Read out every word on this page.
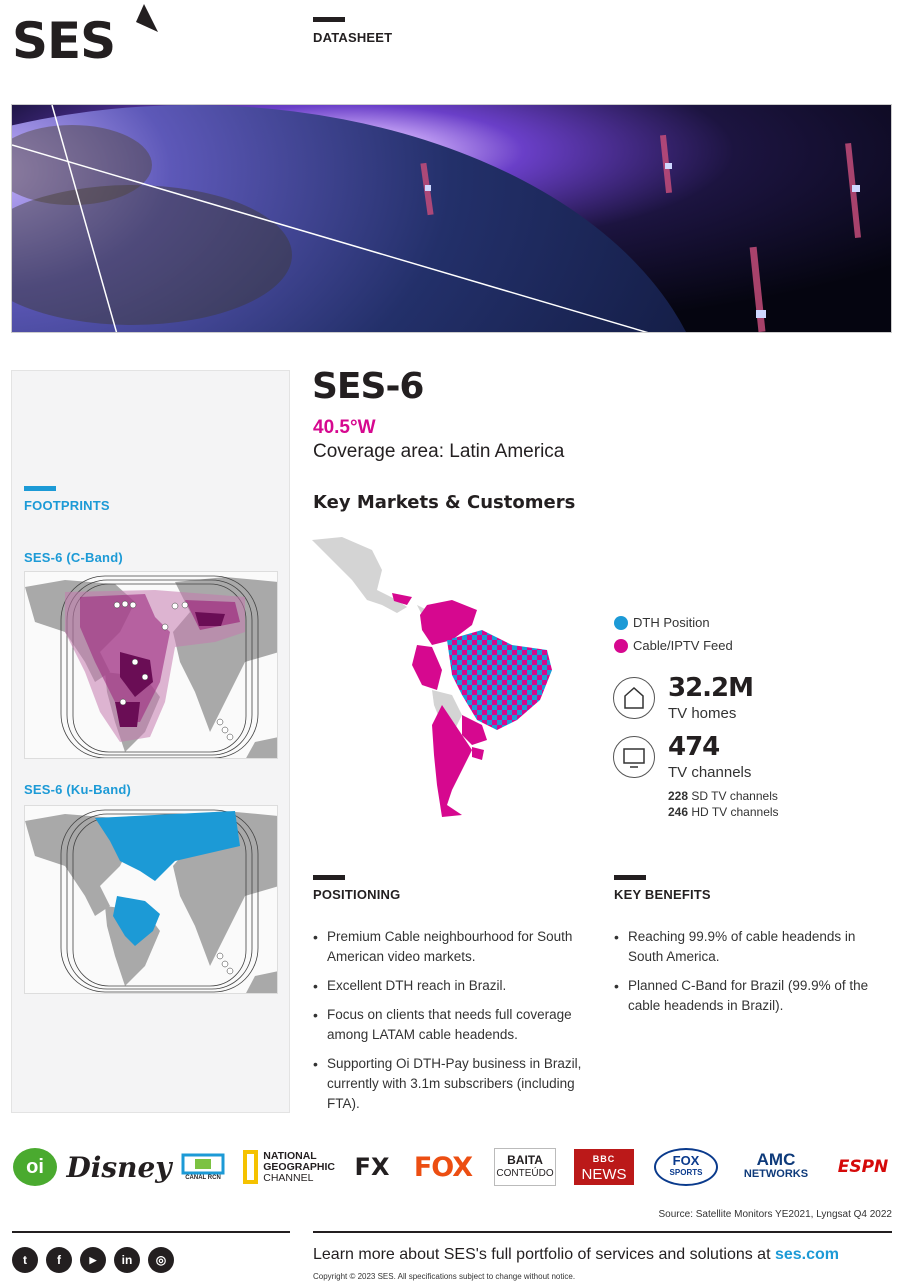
SES	DATASHEET
FOOTPRINTS
SES-6 (C-Band)
SES-6 (Ku-Band)
SES-6
40.5°W
Coverage area: Latin America
Key Markets & Customers
DTH Position
Cable/IPTV Feed
32.2M
TV homes
474
TV channels
228 SD TV channels
246 HD TV channels
POSITIONING
• Premium Cable neighbourhood for South American video markets.
• Excellent DTH reach in Brazil.
• Focus on clients that needs full coverage among LATAM cable headends.
• Supporting Oi DTH-Pay business in Brazil, currently with 3.1m subscribers (including FTA).
KEY BENEFITS
• Reaching 99.9% of cable headends in South America.
• Planned C-Band for Brazil (99.9% of the cable headends in Brazil).
oi Disney CANAL RCN
NATIONAL
GEOGRAPHIC
CHANNEL	FX FOX	BAITA
CONTEÚDO
BBC
NEWS
FOX
SPORTS
AMC
NETWORKS	ESPN
Source: Satellite Monitors YE2021, Lyngsat Q4 2022
t	f	▶	in	◎	Learn more about SES's full portfolio of services and solutions at ses.com
Copyright © 2023 SES. All specifications subject to change without notice.
